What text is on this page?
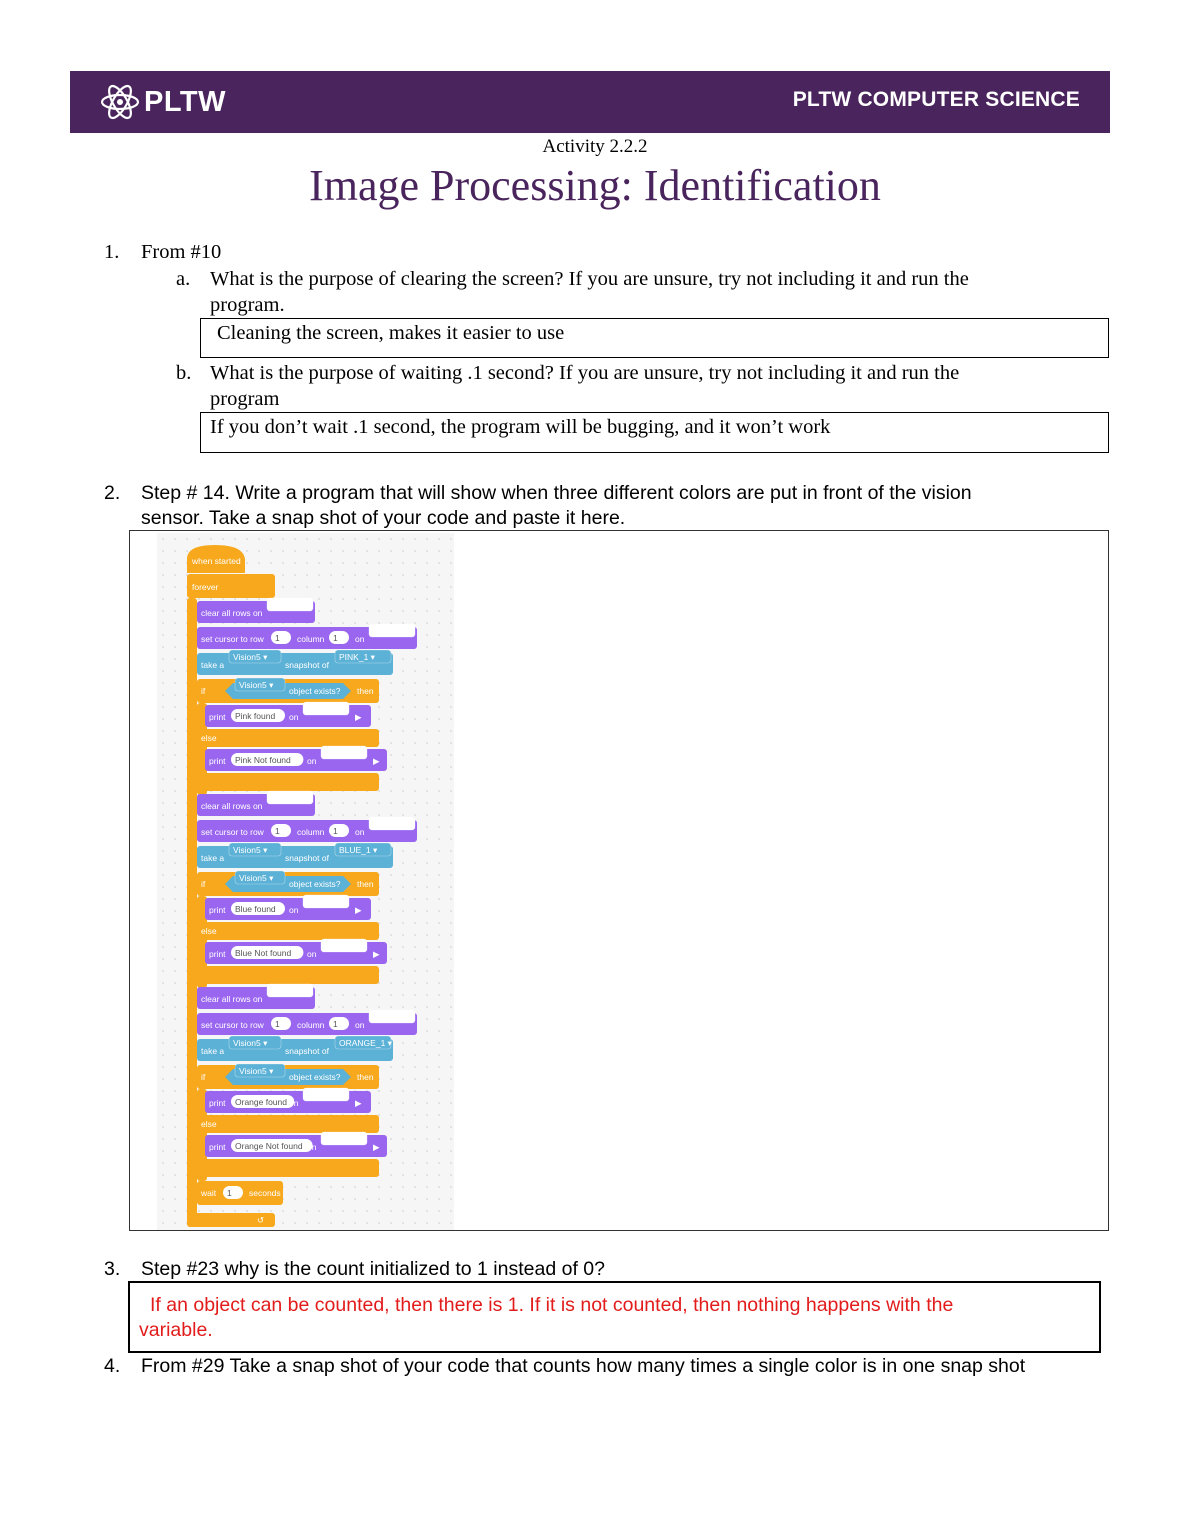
PLTW	PLTW COMPUTER SCIENCE
Activity 2.2.2
Image Processing: Identification
1. From #10
a. What is the purpose of clearing the screen? If you are unsure, try not including it and run the
program.
Cleaning the screen, makes it easier to use
b. What is the purpose of waiting .1 second? If you are unsure, try not including it and run the
program
If you don’t wait .1 second, the program will be bugging, and it won’t work
2. Step # 14. Write a program that will show when three different colors are put in front of the vision
sensor. Take a snap shot of your code and paste it here.
when started
forever
↺
clear all rows on
Brain ▾
set cursor to row 1 column 1 on
Brain ▾
take a
Vision5 ▾
snapshot of
PINK_1 ▾
if
Vision5 ▾
object exists? then
print Pink found on
Brain ▾
▶
else
print Pink Not found on
Brain ▾
▶
clear all rows on
Brain ▾
set cursor to row 1 column 1 on
Brain ▾
take a
Vision5 ▾
snapshot of
BLUE_1 ▾
if
Vision5 ▾
object exists? then
print Blue found on
Brain ▾
▶
else
print Blue Not found on
Brain ▾
▶
clear all rows on
Brain ▾
set cursor to row 1 column 1 on
Brain ▾
take a
Vision5 ▾
snapshot of
ORANGE_1 ▾
if
Vision5 ▾
object exists? then
print Orange found on
Brain ▾
▶
else
print Orange Not found on
Brain ▾
▶
wait 1 seconds
3. Step #23 why is the count initialized to 1 instead of 0?
If an object can be counted, then there is 1. If it is not counted, then nothing happens with the
variable.
4. From #29 Take a snap shot of your code that counts how many times a single color is in one snap shot
